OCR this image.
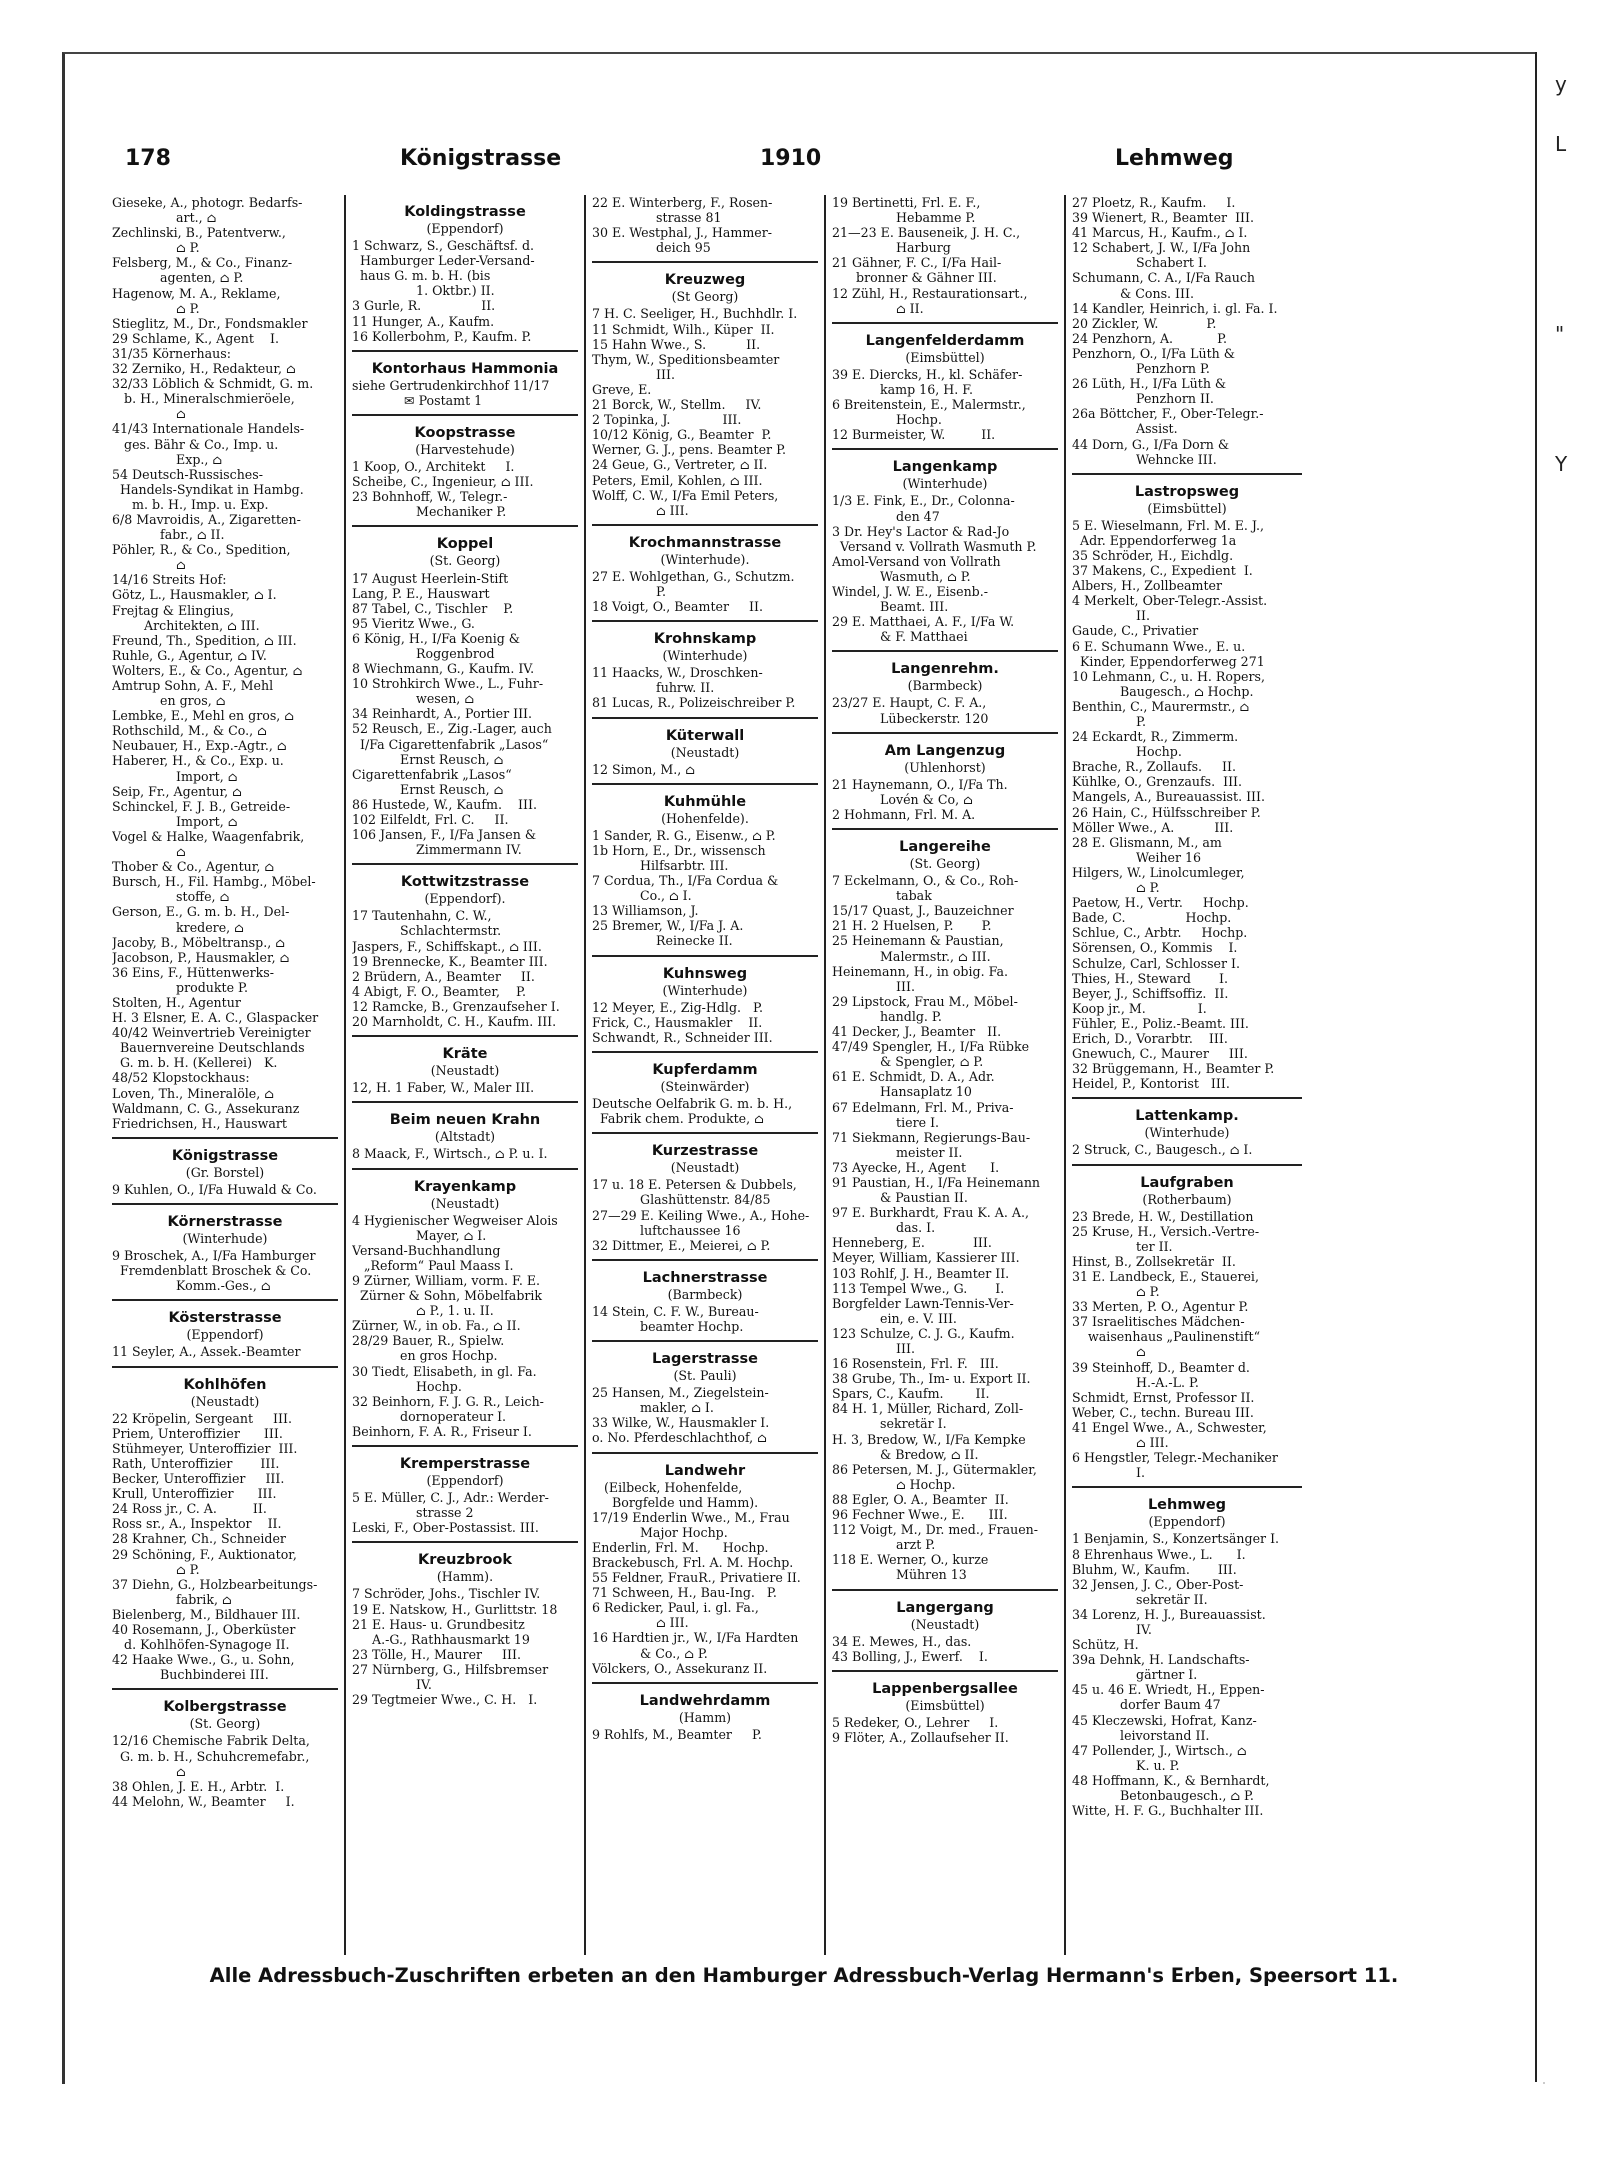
178	Königstrasse	1910	Lehmweg
Gieseke, A., photogr. Bedarfs-
art., ⌂
Zechlinski, B., Patentverw.,
⌂ P.
Felsberg, M., & Co., Finanz-
agenten, ⌂ P.
Hagenow, M. A., Reklame,
⌂ P.
Stieglitz, M., Dr., Fondsmakler
29 Schlame, K., Agent    I.
31/35 Körnerhaus:
32 Zerniko, H., Redakteur, ⌂
32/33 Löblich & Schmidt, G. m.
b. H., Mineralschmieröele,
⌂
41/43 Internationale Handels-
ges. Bähr & Co., Imp. u.
Exp., ⌂
54 Deutsch-Russisches-
Handels-Syndikat in Hambg.
m. b. H., Imp. u. Exp.
6/8 Mavroidis, A., Zigaretten-
fabr., ⌂ II.
Pöhler, R., & Co., Spedition,
⌂
14/16 Streits Hof:
Götz, L., Hausmakler, ⌂ I.
Frejtag & Elingius,
Architekten, ⌂ III.
Freund, Th., Spedition, ⌂ III.
Ruhle, G., Agentur, ⌂ IV.
Wolters, E., & Co., Agentur, ⌂
Amtrup Sohn, A. F., Mehl
en gros, ⌂
Lembke, E., Mehl en gros, ⌂
Rothschild, M., & Co., ⌂
Neubauer, H., Exp.-Agtr., ⌂
Haberer, H., & Co., Exp. u.
Import, ⌂
Seip, Fr., Agentur, ⌂
Schinckel, F. J. B., Getreide-
Import, ⌂
Vogel & Halke, Waagenfabrik,
⌂
Thober & Co., Agentur, ⌂
Bursch, H., Fil. Hambg., Möbel-
stoffe, ⌂
Gerson, E., G. m. b. H., Del-
kredere, ⌂
Jacoby, B., Möbeltransp., ⌂
Jacobson, P., Hausmakler, ⌂
36 Eins, F., Hüttenwerks-
produkte P.
Stolten, H., Agentur
H. 3 Elsner, E. A. C., Glaspacker
40/42 Weinvertrieb Vereinigter
Bauernvereine Deutschlands
G. m. b. H. (Kellerei)   K.
48/52 Klopstockhaus:
Loven, Th., Mineralöle, ⌂
Waldmann, C. G., Assekuranz
Friedrichsen, H., Hauswart
Königstrasse
(Gr. Borstel)
9 Kuhlen, O., I/Fa Huwald & Co.
Körnerstrasse
(Winterhude)
9 Broschek, A., I/Fa Hamburger
Fremdenblatt Broschek & Co.
Komm.-Ges., ⌂
Kösterstrasse
(Eppendorf)
11 Seyler, A., Assek.-Beamter
Kohlhöfen
(Neustadt)
22 Kröpelin, Sergeant     III.
Priem, Unteroffizier      III.
Stühmeyer, Unteroffizier  III.
Rath, Unteroffizier       III.
Becker, Unteroffizier     III.
Krull, Unteroffizier      III.
24 Ross jr., C. A.         II.
Ross sr., A., Inspektor    II.
28 Krahner, Ch., Schneider
29 Schöning, F., Auktionator,
⌂ P.
37 Diehn, G., Holzbearbeitungs-
fabrik, ⌂
Bielenberg, M., Bildhauer III.
40 Rosemann, J., Oberküster
d. Kohlhöfen-Synagoge II.
42 Haake Wwe., G., u. Sohn,
Buchbinderei III.
Kolbergstrasse
(St. Georg)
12/16 Chemische Fabrik Delta,
G. m. b. H., Schuhcremefabr.,
⌂
38 Ohlen, J. E. H., Arbtr.  I.
44 Melohn, W., Beamter     I.
Koldingstrasse
(Eppendorf)
1 Schwarz, S., Geschäftsf. d.
Hamburger Leder-Versand-
haus G. m. b. H. (bis
1. Oktbr.) II.
3 Gurle, R.               II.
11 Hunger, A., Kaufm.
16 Kollerbohm, P., Kaufm. P.
Kontorhaus Hammonia
siehe Gertrudenkirchhof 11/17
✉ Postamt 1
Koopstrasse
(Harvestehude)
1 Koop, O., Architekt     I.
Scheibe, C., Ingenieur, ⌂ III.
23 Bohnhoff, W., Telegr.-
Mechaniker P.
Koppel
(St. Georg)
17 August Heerlein-Stift
Lang, P. E., Hauswart
87 Tabel, C., Tischler    P.
95 Vieritz Wwe., G.
6 König, H., I/Fa Koenig &
Roggenbrod
8 Wiechmann, G., Kaufm. IV.
10 Strohkirch Wwe., L., Fuhr-
wesen, ⌂
34 Reinhardt, A., Portier III.
52 Reusch, E., Zig.-Lager, auch
I/Fa Cigarettenfabrik „Lasos“
Ernst Reusch, ⌂
Cigarettenfabrik „Lasos“
Ernst Reusch, ⌂
86 Hustede, W., Kaufm.    III.
102 Eilfeldt, Frl. C.     II.
106 Jansen, F., I/Fa Jansen &
Zimmermann IV.
Kottwitzstrasse
(Eppendorf).
17 Tautenhahn, C. W.,
Schlachtermstr.
Jaspers, F., Schiffskapt., ⌂ III.
19 Brennecke, K., Beamter III.
2 Brüdern, A., Beamter     II.
4 Abigt, F. O., Beamter,    P.
12 Ramcke, B., Grenzaufseher I.
20 Marnholdt, C. H., Kaufm. III.
Kräte
(Neustadt)
12, H. 1 Faber, W., Maler III.
Beim neuen Krahn
(Altstadt)
8 Maack, F., Wirtsch., ⌂ P. u. I.
Krayenkamp
(Neustadt)
4 Hygienischer Wegweiser Alois
Mayer, ⌂ I.
Versand-Buchhandlung
„Reform“ Paul Maass I.
9 Zürner, William, vorm. F. E.
Zürner & Sohn, Möbelfabrik
⌂ P., 1. u. II.
Zürner, W., in ob. Fa., ⌂ II.
28/29 Bauer, R., Spielw.
en gros Hochp.
30 Tiedt, Elisabeth, in gl. Fa.
Hochp.
32 Beinhorn, F. J. G. R., Leich-
dornoperateur I.
Beinhorn, F. A. R., Friseur I.
Kremperstrasse
(Eppendorf)
5 E. Müller, C. J., Adr.: Werder-
strasse 2
Leski, F., Ober-Postassist. III.
Kreuzbrook
(Hamm).
7 Schröder, Johs., Tischler IV.
19 E. Natskow, H., Gurlittstr. 18
21 E. Haus- u. Grundbesitz
A.-G., Rathhausmarkt 19
23 Tölle, H., Maurer     III.
27 Nürnberg, G., Hilfsbremser
IV.
29 Tegtmeier Wwe., C. H.   I.
22 E. Winterberg, F., Rosen-
strasse 81
30 E. Westphal, J., Hammer-
deich 95
Kreuzweg
(St Georg)
7 H. C. Seeliger, H., Buchhdlr. I.
11 Schmidt, Wilh., Küper  II.
15 Hahn Wwe., S.          II.
Thym, W., Speditionsbeamter
III.
Greve, E.
21 Borck, W., Stellm.     IV.
2 Topinka, J.             III.
10/12 König, G., Beamter  P.
Werner, G. J., pens. Beamter P.
24 Geue, G., Vertreter, ⌂ II.
Peters, Emil, Kohlen, ⌂ III.
Wolff, C. W., I/Fa Emil Peters,
⌂ III.
Krochmannstrasse
(Winterhude).
27 E. Wohlgethan, G., Schutzm.
P.
18 Voigt, O., Beamter     II.
Krohnskamp
(Winterhude)
11 Haacks, W., Droschken-
fuhrw. II.
81 Lucas, R., Polizeischreiber P.
Küterwall
(Neustadt)
12 Simon, M., ⌂
Kuhmühle
(Hohenfelde).
1 Sander, R. G., Eisenw., ⌂ P.
1b Horn, E., Dr., wissensch
Hilfsarbtr. III.
7 Cordua, Th., I/Fa Cordua &
Co., ⌂ I.
13 Williamson, J.
25 Bremer, W., I/Fa J. A.
Reinecke II.
Kuhnsweg
(Winterhude)
12 Meyer, E., Zig-Hdlg.   P.
Frick, C., Hausmakler    II.
Schwandt, R., Schneider III.
Kupferdamm
(Steinwärder)
Deutsche Oelfabrik G. m. b. H.,
Fabrik chem. Produkte, ⌂
Kurzestrasse
(Neustadt)
17 u. 18 E. Petersen & Dubbels,
Glashüttenstr. 84/85
27—29 E. Keiling Wwe., A., Hohe-
luftchaussee 16
32 Dittmer, E., Meierei, ⌂ P.
Lachnerstrasse
(Barmbeck)
14 Stein, C. F. W., Bureau-
beamter Hochp.
Lagerstrasse
(St. Pauli)
25 Hansen, M., Ziegelstein-
makler, ⌂ I.
33 Wilke, W., Hausmakler I.
o. No. Pferdeschlachthof, ⌂
Landwehr
(Eilbeck, Hohenfelde,
Borgfelde und Hamm).
17/19 Enderlin Wwe., M., Frau
Major Hochp.
Enderlin, Frl. M.      Hochp.
Brackebusch, Frl. A. M. Hochp.
55 Feldner, FrauR., Privatiere II.
71 Schween, H., Bau-Ing.   P.
6 Redicker, Paul, i. gl. Fa.,
⌂ III.
16 Hardtien jr., W., I/Fa Hardten
& Co., ⌂ P.
Völckers, O., Assekuranz II.
Landwehrdamm
(Hamm)
9 Rohlfs, M., Beamter     P.
19 Bertinetti, Frl. E. F.,
Hebamme P.
21—23 E. Bauseneik, J. H. C.,
Harburg
21 Gähner, F. C., I/Fa Hail-
bronner & Gähner III.
12 Zühl, H., Restaurationsart.,
⌂ II.
Langenfelderdamm
(Eimsbüttel)
39 E. Diercks, H., kl. Schäfer-
kamp 16, H. F.
6 Breitenstein, E., Malermstr.,
Hochp.
12 Burmeister, W.         II.
Langenkamp
(Winterhude)
1/3 E. Fink, E., Dr., Colonna-
den 47
3 Dr. Hey's Lactor & Rad-Jo
Versand v. Vollrath Wasmuth P.
Amol-Versand von Vollrath
Wasmuth, ⌂ P.
Windel, J. W. E., Eisenb.-
Beamt. III.
29 E. Matthaei, A. F., I/Fa W.
& F. Matthaei
Langenrehm.
(Barmbeck)
23/27 E. Haupt, C. F. A.,
Lübeckerstr. 120
Am Langenzug
(Uhlenhorst)
21 Haynemann, O., I/Fa Th.
Lovén & Co, ⌂
2 Hohmann, Frl. M. A.
Langereihe
(St. Georg)
7 Eckelmann, O., & Co., Roh-
tabak
15/17 Quast, J., Bauzeichner
21 H. 2 Huelsen, P.       P.
25 Heinemann & Paustian,
Malermstr., ⌂ III.
Heinemann, H., in obig. Fa.
III.
29 Lipstock, Frau M., Möbel-
handlg. P.
41 Decker, J., Beamter   II.
47/49 Spengler, H., I/Fa Rübke
& Spengler, ⌂ P.
61 E. Schmidt, D. A., Adr.
Hansaplatz 10
67 Edelmann, Frl. M., Priva-
tiere I.
71 Siekmann, Regierungs-Bau-
meister II.
73 Ayecke, H., Agent      I.
91 Paustian, H., I/Fa Heinemann
& Paustian II.
97 E. Burkhardt, Frau K. A. A.,
das. I.
Henneberg, E.            III.
Meyer, William, Kassierer III.
103 Rohlf, J. H., Beamter II.
113 Tempel Wwe., G.       I.
Borgfelder Lawn-Tennis-Ver-
ein, e. V. III.
123 Schulze, C. J. G., Kaufm.
III.
16 Rosenstein, Frl. F.   III.
38 Grube, Th., Im- u. Export II.
Spars, C., Kaufm.        II.
84 H. 1, Müller, Richard, Zoll-
sekretär I.
H. 3, Bredow, W., I/Fa Kempke
& Bredow, ⌂ II.
86 Petersen, M. J., Gütermakler,
⌂ Hochp.
88 Egler, O. A., Beamter  II.
96 Fechner Wwe., E.      III.
112 Voigt, M., Dr. med., Frauen-
arzt P.
118 E. Werner, O., kurze
Mühren 13
Langergang
(Neustadt)
34 E. Mewes, H., das.
43 Bolling, J., Ewerf.    I.
Lappenbergsallee
(Eimsbüttel)
5 Redeker, O., Lehrer     I.
9 Flöter, A., Zollaufseher II.
27 Ploetz, R., Kaufm.     I.
39 Wienert, R., Beamter  III.
41 Marcus, H., Kaufm., ⌂ I.
12 Schabert, J. W., I/Fa John
Schabert I.
Schumann, C. A., I/Fa Rauch
& Cons. III.
14 Kandler, Heinrich, i. gl. Fa. I.
20 Zickler, W.            P.
24 Penzhorn, A.           P.
Penzhorn, O., I/Fa Lüth &
Penzhorn P.
26 Lüth, H., I/Fa Lüth &
Penzhorn II.
26a Böttcher, F., Ober-Telegr.-
Assist.
44 Dorn, G., I/Fa Dorn &
Wehncke III.
Lastropsweg
(Eimsbüttel)
5 E. Wieselmann, Frl. M. E. J.,
Adr. Eppendorferweg 1a
35 Schröder, H., Eichdlg.
37 Makens, C., Expedient  I.
Albers, H., Zollbeamter
4 Merkelt, Ober-Telegr.-Assist.
II.
Gaude, C., Privatier
6 E. Schumann Wwe., E. u.
Kinder, Eppendorferweg 271
10 Lehmann, C., u. H. Ropers,
Baugesch., ⌂ Hochp.
Benthin, C., Maurermstr., ⌂
P.
24 Eckardt, R., Zimmerm.
Hochp.
Brache, R., Zollaufs.     II.
Kühlke, O., Grenzaufs.  III.
Mangels, A., Bureauassist. III.
26 Hain, C., Hülfsschreiber P.
Möller Wwe., A.          III.
28 E. Glismann, M., am
Weiher 16
Hilgers, W., Linolcumleger,
⌂ P.
Paetow, H., Vertr.     Hochp.
Bade, C.               Hochp.
Schlue, C., Arbtr.     Hochp.
Sörensen, O., Kommis    I.
Schulze, Carl, Schlosser I.
Thies, H., Steward       I.
Beyer, J., Schiffsoffiz.  II.
Koop jr., M.             I.
Fühler, E., Poliz.-Beamt. III.
Erich, D., Vorarbtr.    III.
Gnewuch, C., Maurer     III.
32 Brüggemann, H., Beamter P.
Heidel, P., Kontorist   III.
Lattenkamp.
(Winterhude)
2 Struck, C., Baugesch., ⌂ I.
Laufgraben
(Rotherbaum)
23 Brede, H. W., Destillation
25 Kruse, H., Versich.-Vertre-
ter II.
Hinst, B., Zollsekretär  II.
31 E. Landbeck, E., Stauerei,
⌂ P.
33 Merten, P. O., Agentur P.
37 Israelitisches Mädchen-
waisenhaus „Paulinenstift“
⌂
39 Steinhoff, D., Beamter d.
H.-A.-L. P.
Schmidt, Ernst, Professor II.
Weber, C., techn. Bureau III.
41 Engel Wwe., A., Schwester,
⌂ III.
6 Hengstler, Telegr.-Mechaniker
I.
Lehmweg
(Eppendorf)
1 Benjamin, S., Konzertsänger I.
8 Ehrenhaus Wwe., L.      I.
Bluhm, W., Kaufm.       III.
32 Jensen, J. C., Ober-Post-
sekretär II.
34 Lorenz, H. J., Bureauassist.
IV.
Schütz, H.
39a Dehnk, H. Landschafts-
gärtner I.
45 u. 46 E. Wriedt, H., Eppen-
dorfer Baum 47
45 Kleczewski, Hofrat, Kanz-
leivorstand II.
47 Pollender, J., Wirtsch., ⌂
K. u. P.
48 Hoffmann, K., & Bernhardt,
Betonbaugesch., ⌂ P.
Witte, H. F. G., Buchhalter III.
Alle Adressbuch-Zuschriften erbeten an den Hamburger Adressbuch-Verlag Hermann's Erben, Speersort 11.
y
L
"
Y
